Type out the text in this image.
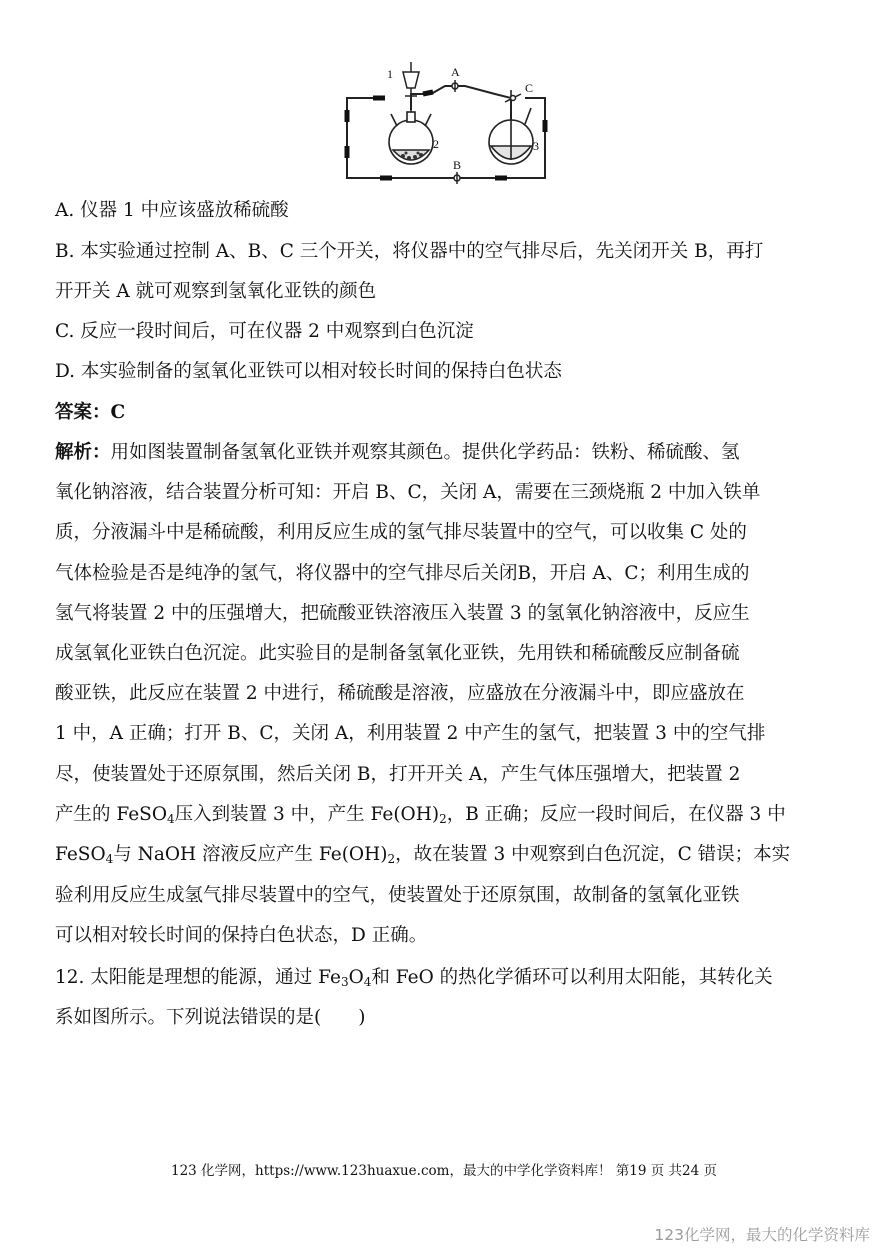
1
2	3
A
B
C
A. 仪器 1 中应该盛放稀硫酸
B. 本实验通过控制 A、B、C 三个开关，将仪器中的空气排尽后，先关闭开关 B，再打
开开关 A 就可观察到氢氧化亚铁的颜色
C. 反应一段时间后，可在仪器 2 中观察到白色沉淀
D. 本实验制备的氢氧化亚铁可以相对较长时间的保持白色状态
答案：C
解析：用如图装置制备氢氧化亚铁并观察其颜色。提供化学药品：铁粉、稀硫酸、氢
氧化钠溶液，结合装置分析可知：开启 B、C，关闭 A，需要在三颈烧瓶 2 中加入铁单
质，分液漏斗中是稀硫酸，利用反应生成的氢气排尽装置中的空气，可以收集 C 处的
气体检验是否是纯净的氢气，将仪器中的空气排尽后关闭B，开启 A、C；利用生成的
氢气将装置 2 中的压强增大，把硫酸亚铁溶液压入装置 3 的氢氧化钠溶液中，反应生
成氢氧化亚铁白色沉淀。此实验目的是制备氢氧化亚铁，先用铁和稀硫酸反应制备硫
酸亚铁，此反应在装置 2 中进行，稀硫酸是溶液，应盛放在分液漏斗中，即应盛放在
1 中，A 正确；打开 B、C，关闭 A，利用装置 2 中产生的氢气，把装置 3 中的空气排
尽，使装置处于还原氛围，然后关闭 B，打开开关 A，产生气体压强增大，把装置 2
产生的 FeSO$_4$压入到装置 3 中，产生 $Fe(OH)_2$，B 正确；反应一段时间后，在仪器 3 中
FeSO$_4$与 NaOH 溶液反应产生 $Fe(OH)_2$，故在装置 3 中观察到白色沉淀，C 错误；本实
验利用反应生成氢气排尽装置中的空气，使装置处于还原氛围，故制备的氢氧化亚铁
可以相对较长时间的保持白色状态，D 正确。
12. 太阳能是理想的能源，通过 $Fe_3O_4$和 FeO 的热化学循环可以利用太阳能，其转化关
系如图所示。下列说法错误的是(　　)
123 化学网，https://www.123huaxue.com，最大的中学化学资料库！ 第19 页 共24 页
123化学网，最大的化学资料库
